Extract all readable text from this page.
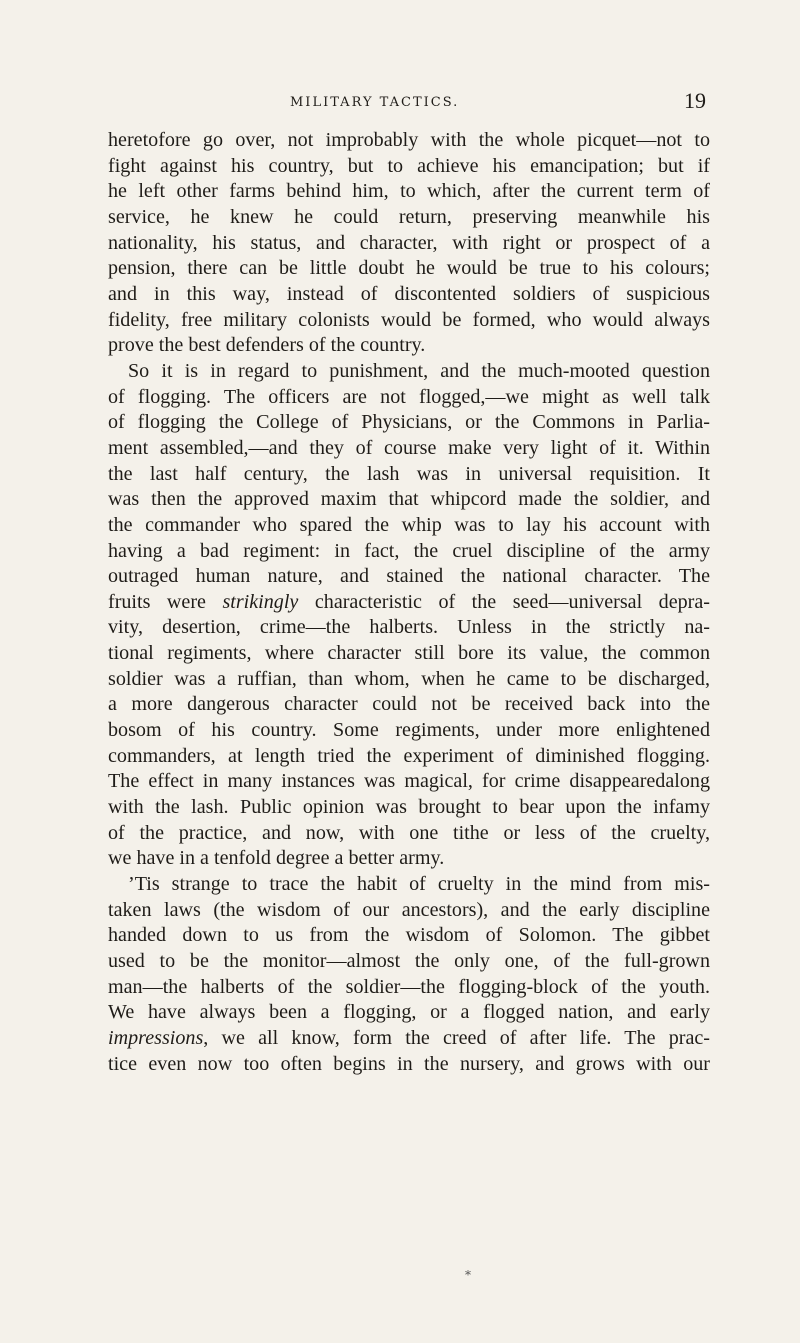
MILITARY TACTICS.	19
heretofore go over, not improbably with the whole picquet—not to
fight against his country, but to achieve his emancipation; but if
he left other farms behind him, to which, after the current term of
service, he knew he could return, preserving meanwhile his
nationality, his status, and character, with right or prospect of a
pension, there can be little doubt he would be true to his colours;
and in this way, instead of discontented soldiers of suspicious
fidelity, free military colonists would be formed, who would always
prove the best defenders of the country.
So it is in regard to punishment, and the much-mooted question
of flogging. The officers are not flogged,—we might as well talk
of flogging the College of Physicians, or the Commons in Parlia-
ment assembled,—and they of course make very light of it. Within
the last half century, the lash was in universal requisition. It
was then the approved maxim that whipcord made the soldier, and
the commander who spared the whip was to lay his account with
having a bad regiment: in fact, the cruel discipline of the army
outraged human nature, and stained the national character. The
fruits were strikingly characteristic of the seed—universal depra-
vity, desertion, crime—the halberts. Unless in the strictly na-
tional regiments, where character still bore its value, the common
soldier was a ruffian, than whom, when he came to be discharged,
a more dangerous character could not be received back into the
bosom of his country. Some regiments, under more enlightened
commanders, at length tried the experiment of diminished flogging.
The effect in many instances was magical, for crime disappearedalong
with the lash. Public opinion was brought to bear upon the infamy
of the practice, and now, with one tithe or less of the cruelty,
we have in a tenfold degree a better army.
’Tis strange to trace the habit of cruelty in the mind from mis-
taken laws (the wisdom of our ancestors), and the early discipline
handed down to us from the wisdom of Solomon. The gibbet
used to be the monitor—almost the only one, of the full-grown
man—the halberts of the soldier—the flogging-block of the youth.
We have always been a flogging, or a flogged nation, and early
impressions, we all know, form the creed of after life. The prac-
tice even now too often begins in the nursery, and grows with our
*
